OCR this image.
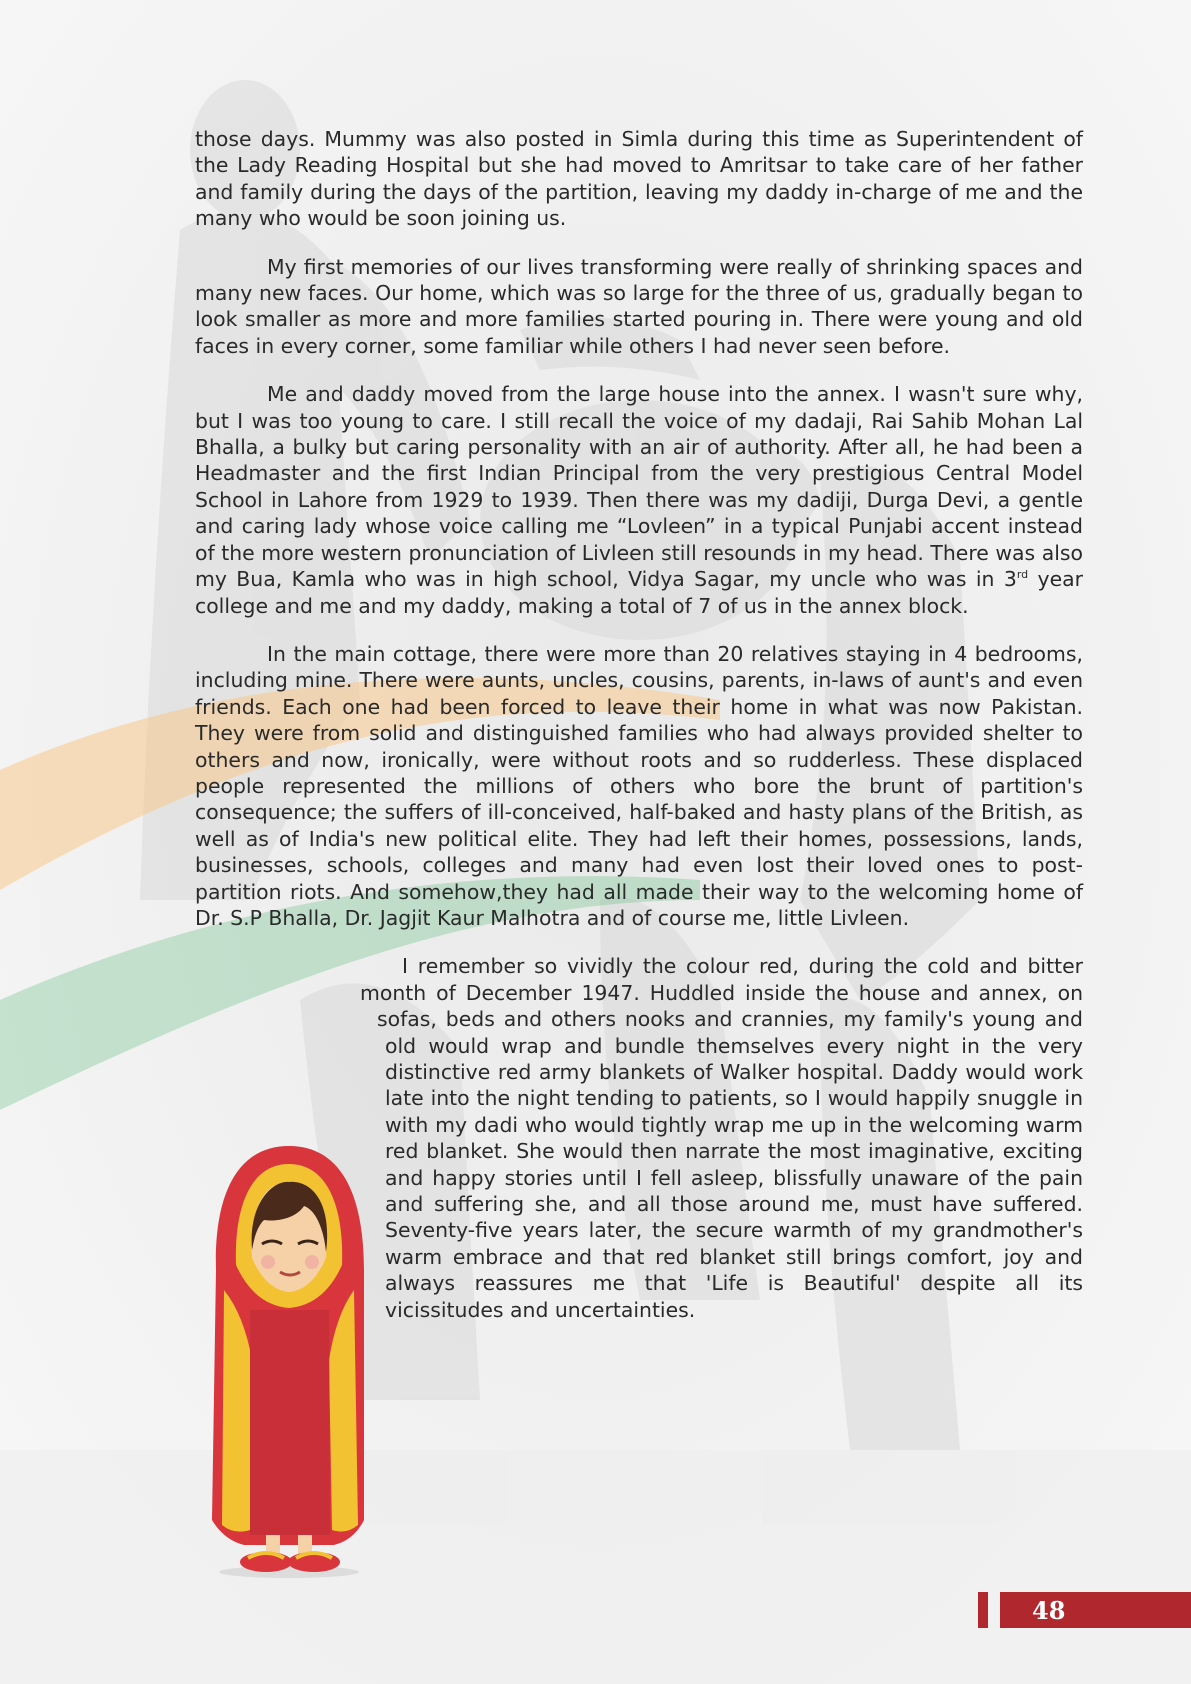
those days. Mummy was also posted in Simla during this time as Superintendent of the Lady Reading Hospital but she had moved to Amritsar to take care of her father and family during the days of the partition, leaving my daddy in-charge of me and the many who would be soon joining us.

My first memories of our lives transforming were really of shrinking spaces and many new faces. Our home, which was so large for the three of us, gradually began to look smaller as more and more families started pouring in. There were young and old faces in every corner, some familiar while others I had never seen before.

Me and daddy moved from the large house into the annex. I wasn't sure why, but I was too young to care. I still recall the voice of my dadaji, Rai Sahib Mohan Lal Bhalla, a bulky but caring personality with an air of authority. After all, he had been a Headmaster and the first Indian Principal from the very prestigious Central Model School in Lahore from 1929 to 1939. Then there was my dadiji, Durga Devi, a gentle and caring lady whose voice calling me “Lovleen” in a typical Punjabi accent instead of the more western pronunciation of Livleen still resounds in my head. There was also my Bua, Kamla who was in high school, Vidya Sagar, my uncle who was in 3rd year college and me and my daddy, making a total of 7 of us in the annex block.

In the main cottage, there were more than 20 relatives staying in 4 bedrooms, including mine. There were aunts, uncles, cousins, parents, in-laws of aunt's and even friends. Each one had been forced to leave their home in what was now Pakistan. They were from solid and distinguished families who had always provided shelter to others and now, ironically, were without roots and so rudderless. These displaced people represented the millions of others who bore the brunt of partition's consequence; the suffers of ill-conceived, half-baked and hasty plans of the British, as well as of India's new political elite. They had left their homes, possessions, lands, businesses, schools, colleges and many had even lost their loved ones to post-partition riots. And somehow,they had all made their way to the welcoming home of Dr. S.P Bhalla, Dr. Jagjit Kaur Malhotra and of course me, little Livleen.

I remember so vividly the colour red, during the cold and bitter month of December 1947. Huddled inside the house and annex, on sofas, beds and others nooks and crannies, my family's young and old would wrap and bundle themselves every night in the very distinctive red army blankets of Walker hospital. Daddy would work late into the night tending to patients, so I would happily snuggle in with my dadi who would tightly wrap me up in the welcoming warm red blanket. She would then narrate the most imaginative, exciting and happy stories until I fell asleep, blissfully unaware of the pain and suffering she, and all those around me, must have suffered. Seventy-five years later, the secure warmth of my grandmother's warm embrace and that red blanket still brings comfort, joy and always reassures me that 'Life is Beautiful' despite all its vicissitudes and uncertainties.

48
